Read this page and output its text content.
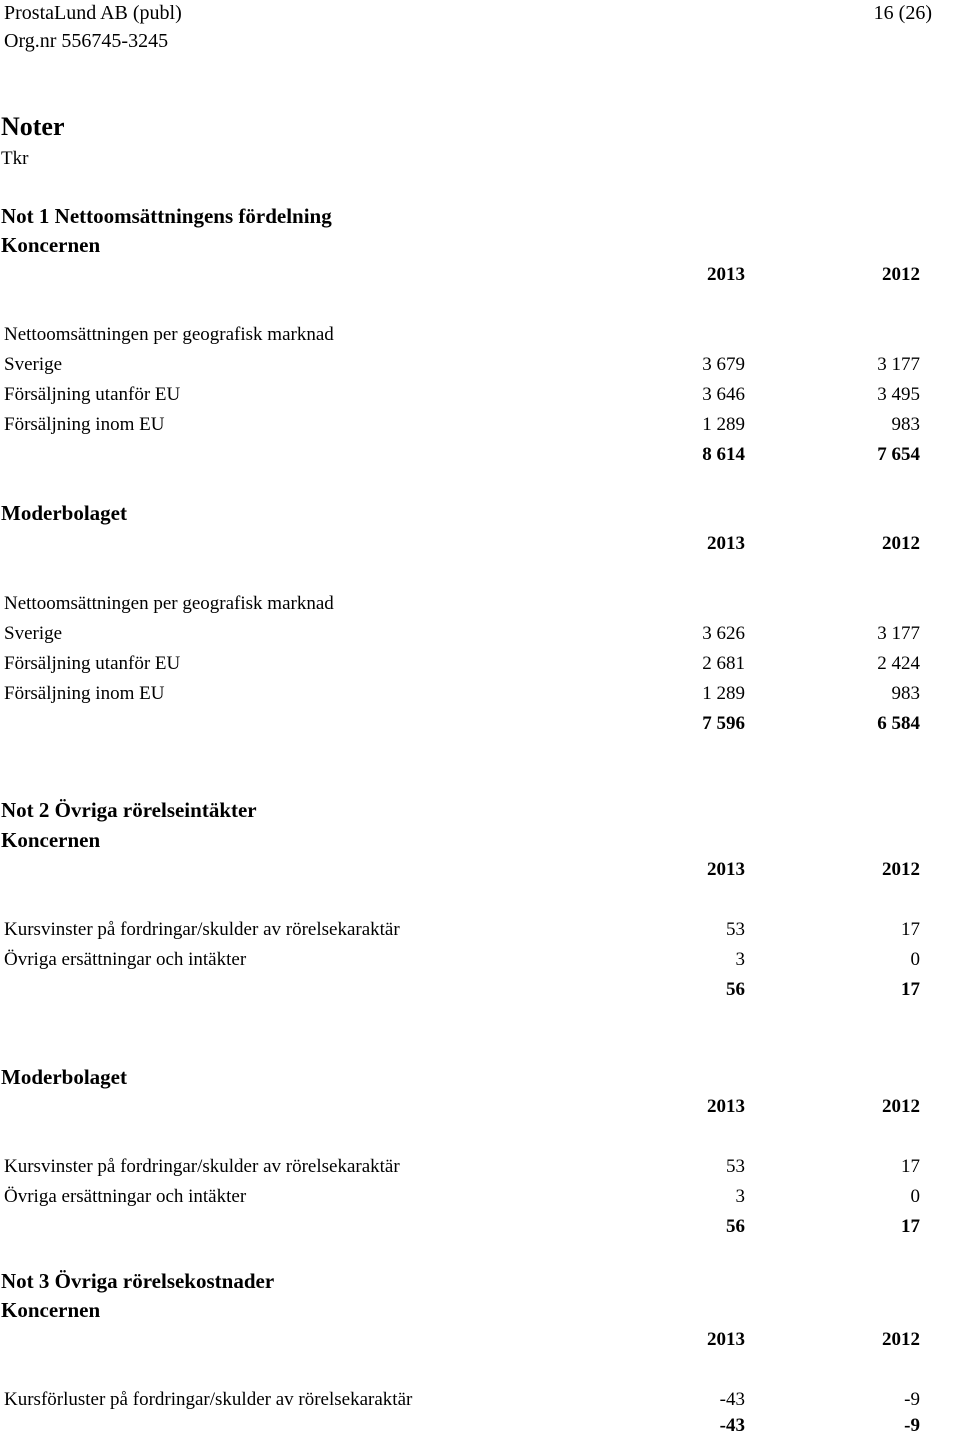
ProstaLund AB (publ)	16 (26)
Org.nr 556745-3245
Noter
Tkr
Not 1 Nettoomsättningens fördelning
Koncernen
2013	2012
Nettoomsättningen per geografisk marknad
Sverige	3 679	3 177
Försäljning utanför EU	3 646	3 495
Försäljning inom EU	1 289	983
8 614	7 654
Moderbolaget
2013	2012
Nettoomsättningen per geografisk marknad
Sverige	3 626	3 177
Försäljning utanför EU	2 681	2 424
Försäljning inom EU	1 289	983
7 596	6 584
Not 2 Övriga rörelseintäkter
Koncernen
2013	2012
Kursvinster på fordringar/skulder av rörelsekaraktär	53	17
Övriga ersättningar och intäkter	3	0
56	17
Moderbolaget
2013	2012
Kursvinster på fordringar/skulder av rörelsekaraktär	53	17
Övriga ersättningar och intäkter	3	0
56	17
Not 3 Övriga rörelsekostnader
Koncernen
2013	2012
Kursförluster på fordringar/skulder av rörelsekaraktär	-43	-9
-43	-9
